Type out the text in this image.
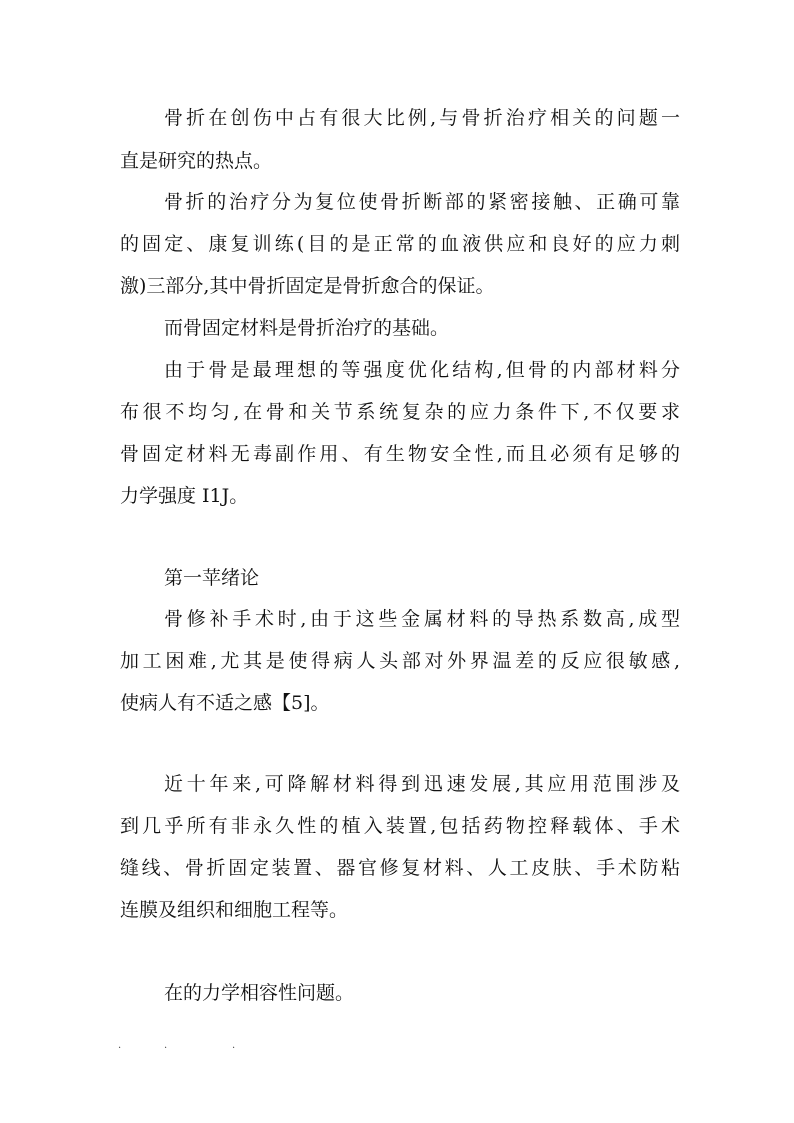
骨折在创伤中占有很大比例,与骨折治疗相关的问题一
直是研究的热点。
骨折的治疗分为复位使骨折断部的紧密接触、正确可靠
的固定、康复训练(目的是正常的血液供应和良好的应力刺
激)三部分,其中骨折固定是骨折愈合的保证。
而骨固定材料是骨折治疗的基础。
由于骨是最理想的等强度优化结构,但骨的内部材料分
布很不均匀,在骨和关节系统复杂的应力条件下,不仅要求
骨固定材料无毒副作用、有生物安全性,而且必须有足够的
力学强度 I1J。
第一苹绪论
骨修补手术时,由于这些金属材料的导热系数高,成型
加工困难,尤其是使得病人头部对外界温差的反应很敏感,
使病人有不适之感【5]。
近十年来,可降解材料得到迅速发展,其应用范围涉及
到几乎所有非永久性的植入装置,包括药物控释载体、手术
缝线、骨折固定装置、器官修复材料、人工皮肤、手术防粘
连膜及组织和细胞工程等。
在的力学相容性问题。
.	.	.
